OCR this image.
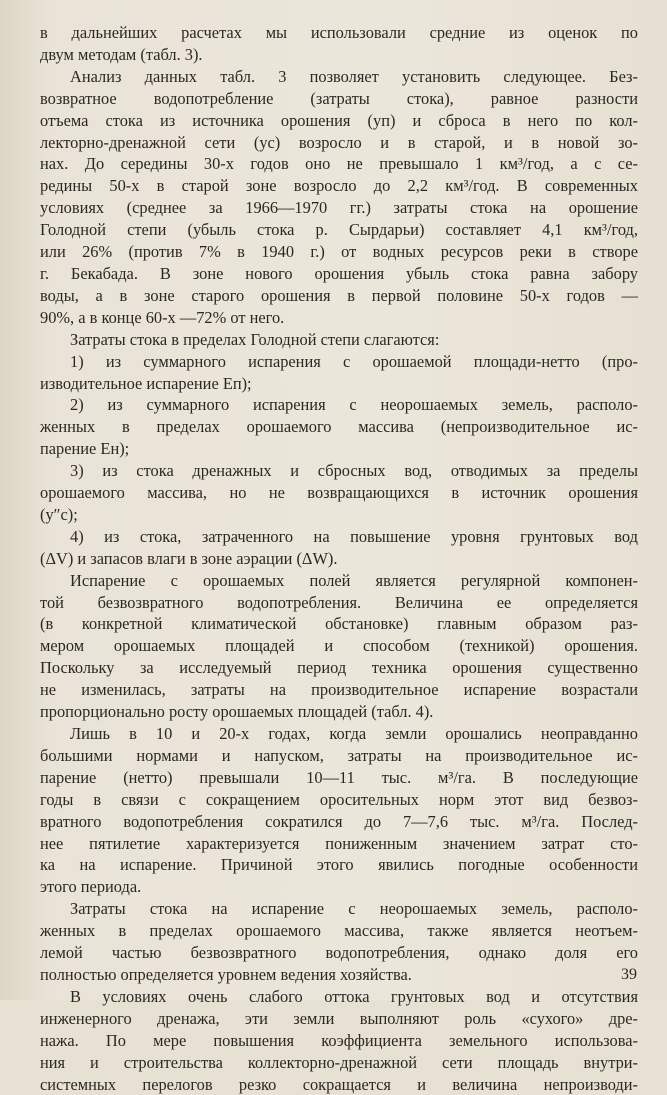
в дальнейших расчетах мы использовали средние из оценок по
двум методам (табл. 3).
Анализ данных табл. 3 позволяет установить следующее. Без-
возвратное водопотребление (затраты стока), равное разности
отъема стока из источника орошения (yп) и сброса в него по кол-
лекторно-дренажной сети (yс) возросло и в старой, и в новой зо-
нах. До середины 30-х годов оно не превышало 1 км³/год, а с се-
редины 50-х в старой зоне возросло до 2,2 км³/год. В современных
условиях (среднее за 1966—1970 гг.) затраты стока на орошение
Голодной степи (убыль стока р. Сырдарьи) составляет 4,1 км³/год,
или 26% (против 7% в 1940 г.) от водных ресурсов реки в створе
г. Бекабада. В зоне нового орошения убыль стока равна забору
воды, а в зоне старого орошения в первой половине 50-х годов —
90%, а в конце 60-х —72% от него.
Затраты стока в пределах Голодной степи слагаются:
1) из суммарного испарения с орошаемой площади-нетто (про-
изводительное испарение Eп);
2) из суммарного испарения с неорошаемых земель, располо-
женных в пределах орошаемого массива (непроизводительное ис-
парение Eн);
3) из стока дренажных и сбросных вод, отводимых за пределы
орошаемого массива, но не возвращающихся в источник орошения
(y″с);
4) из стока, затраченного на повышение уровня грунтовых вод
(ΔV) и запасов влаги в зоне аэрации (ΔW).
Испарение с орошаемых полей является регулярной компонен-
той безвозвратного водопотребления. Величина ее определяется
(в конкретной климатической обстановке) главным образом раз-
мером орошаемых площадей и способом (техникой) орошения.
Поскольку за исследуемый период техника орошения существенно
не изменилась, затраты на производительное испарение возрастали
пропорционально росту орошаемых площадей (табл. 4).
Лишь в 10 и 20-х годах, когда земли орошались неоправданно
большими нормами и напуском, затраты на производительное ис-
парение (нетто) превышали 10—11 тыс. м³/га. В последующие
годы в связи с сокращением оросительных норм этот вид безвоз-
вратного водопотребления сократился до 7—7,6 тыс. м³/га. Послед-
нее пятилетие характеризуется пониженным значением затрат сто-
ка на испарение. Причиной этого явились погодные особенности
этого периода.
Затраты стока на испарение с неорошаемых земель, располо-
женных в пределах орошаемого массива, также является неотъем-
лемой частью безвозвратного водопотребления, однако доля его
полностью определяется уровнем ведения хозяйства.
В условиях очень слабого оттока грунтовых вод и отсутствия
инженерного дренажа, эти земли выполняют роль «сухого» дре-
нажа. По мере повышения коэффициента земельного использова-
ния и строительства коллекторно-дренажной сети площадь внутри-
системных перелогов резко сокращается и величина непроизводи-
39
